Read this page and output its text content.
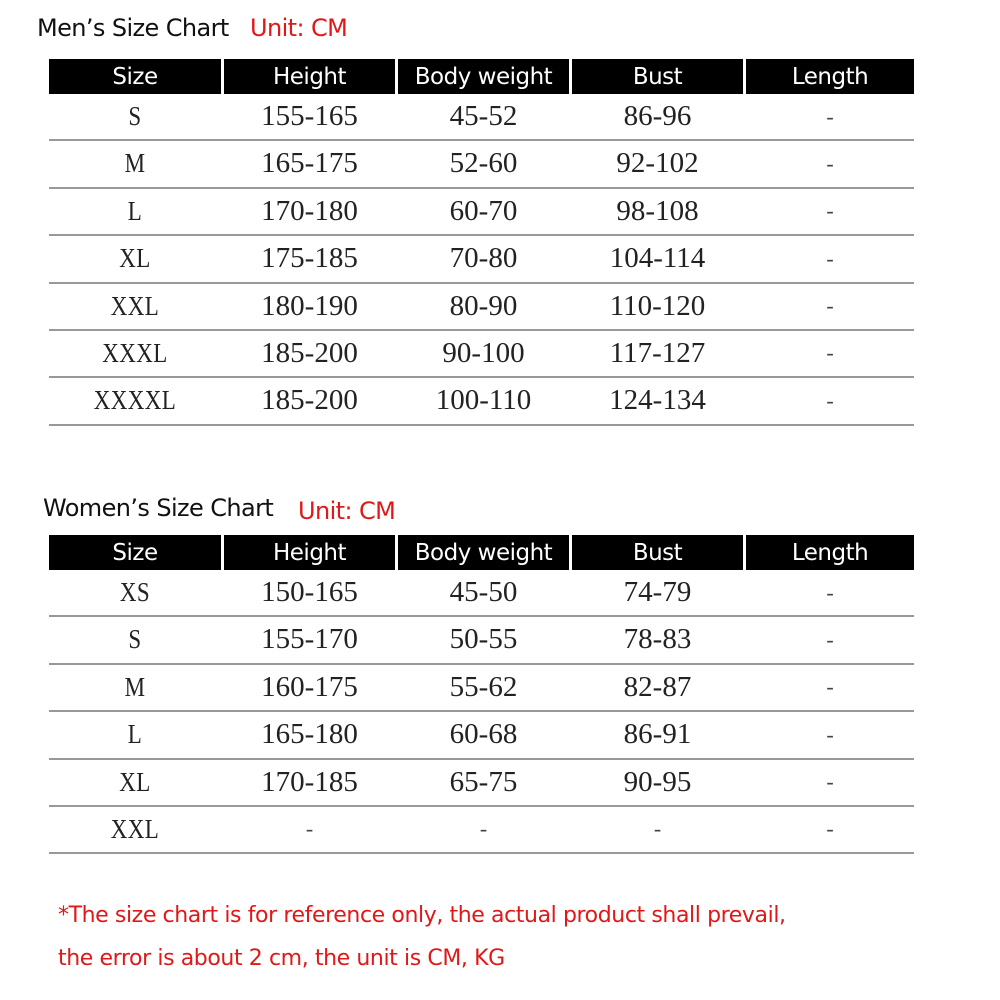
Men’s Size Chart Unit: CM
Size	Height	Body weight	Bust	Length
S	155-165	45-52	86-96	-
M	165-175	52-60	92-102	-
L	170-180	60-70	98-108	-
XL	175-185	70-80	104-114	-
XXL	180-190	80-90	110-120	-
XXXL	185-200	90-100	117-127	-
XXXXL	185-200	100-110	124-134	-
Women’s Size Chart Unit: CM
Size	Height	Body weight	Bust	Length
XS	150-165	45-50	74-79	-
S	155-170	50-55	78-83	-
M	160-175	55-62	82-87	-
L	165-180	60-68	86-91	-
XL	170-185	65-75	90-95	-
XXL	-	-	-	-
*The size chart is for reference only, the actual product shall prevail,
the error is about 2 cm, the unit is CM, KG
